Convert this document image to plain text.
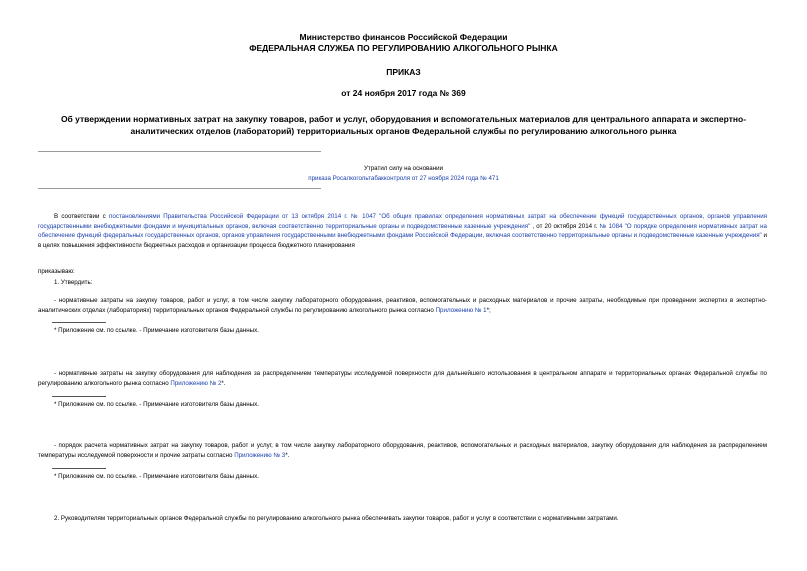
Министерство финансов Российской Федерации
ФЕДЕРАЛЬНАЯ СЛУЖБА ПО РЕГУЛИРОВАНИЮ АЛКОГОЛЬНОГО РЫНКА
ПРИКАЗ
от 24 ноября 2017 года № 369
Об утверждении нормативных затрат на закупку товаров, работ и услуг, оборудования и вспомогательных материалов для центрального аппарата и экспертно-
аналитических отделов (лабораторий) территориальных органов Федеральной службы по регулированию алкогольного рынка
Утратил силу на основании
приказа Росалкогольтабакконтроля от 27 ноября 2024 года № 471
В соответствии с постановлениями Правительства Российской Федерации от 13 октября 2014 г. № 1047 "Об общих правилах определения нормативных затрат на обеспечение функций государственных органов, органов управления государственными внебюджетными фондами и муниципальных органов, включая соответственно территориальные органы и подведомственные казенные учреждения" , от 20 октября 2014 г. № 1084 "О порядке определения нормативных затрат на обеспечение функций федеральных государственных органов, органов управления государственными внебюджетными фондами Российской Федерации, включая соответственно территориальные органы и подведомственные казенные учреждения" и в целях повышения эффективности бюджетных расходов и организации процесса бюджетного планирования
приказываю:
1. Утвердить:
- нормативные затраты на закупку товаров, работ и услуг, в том числе закупку лабораторного оборудования, реактивов, вспомогательных и расходных материалов и прочие затраты, необходимые при проведении экспертиз в экспертно-аналитических отделах (лабораториях) территориальных органов Федеральной службы по регулированию алкогольного рынка согласно Приложению № 1*;
* Приложение см. по ссылке. - Примечание изготовителя базы данных.
- нормативные затраты на закупку оборудования для наблюдения за распределением температуры исследуемой поверхности для дальнейшего использования в центральном аппарате и территориальных органах Федеральной службы по регулированию алкогольного рынка согласно Приложению № 2*.
* Приложение см. по ссылке. - Примечание изготовителя базы данных.
- порядок расчета нормативных затрат на закупку товаров, работ и услуг, в том числе закупку лабораторного оборудования, реактивов, вспомогательных и расходных материалов, закупку оборудования для наблюдения за распределением температуры исследуемой поверхности и прочие затраты согласно Приложению № 3*.
* Приложение см. по ссылке. - Примечание изготовителя базы данных.
2. Руководителям территориальных органов Федеральной службы по регулированию алкогольного рынка обеспечивать закупки товаров, работ и услуг в соответствии с нормативными затратами.
